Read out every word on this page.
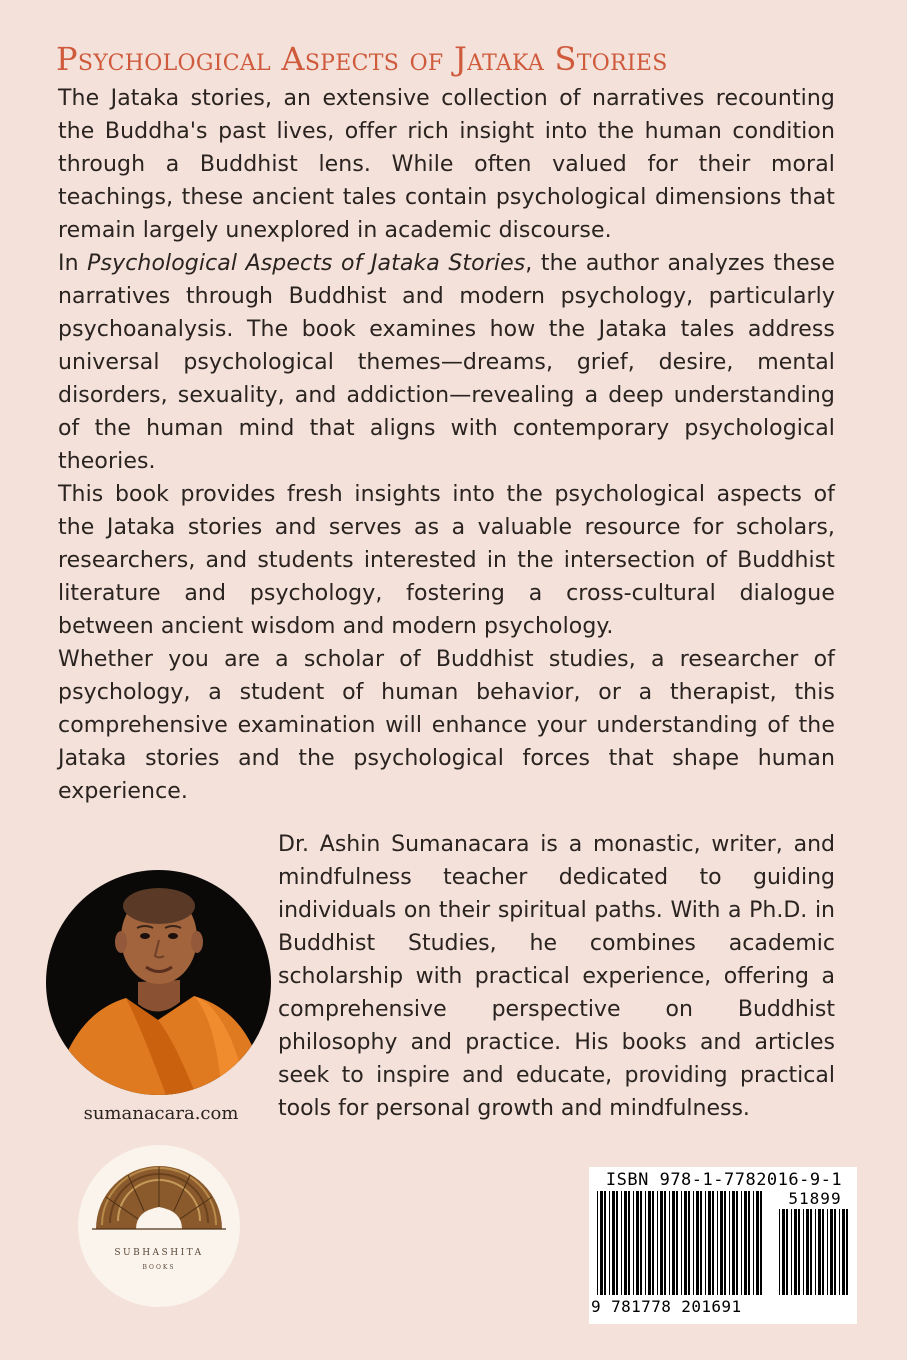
Psychological Aspects of Jataka Stories

The Jataka stories, an extensive collection of narratives recounting the Buddha's past lives, offer rich insight into the human condition through a Buddhist lens. While often valued for their moral teachings, these ancient tales contain psychological dimensions that remain largely unexplored in academic discourse.

In Psychological Aspects of Jataka Stories, the author analyzes these narratives through Buddhist and modern psychology, particularly psychoanalysis. The book examines how the Jataka tales address universal psychological themes—dreams, grief, desire, mental disorders, sexuality, and addiction—revealing a deep understanding of the human mind that aligns with contemporary psychological theories.

This book provides fresh insights into the psychological aspects of the Jataka stories and serves as a valuable resource for scholars, researchers, and students interested in the intersection of Buddhist literature and psychology, fostering a cross-cultural dialogue between ancient wisdom and modern psychology.

Whether you are a scholar of Buddhist studies, a researcher of psychology, a student of human behavior, or a therapist, this comprehensive examination will enhance your understanding of the Jataka stories and the psychological forces that shape human experience.

sumanacara.com

Dr. Ashin Sumanacara is a monastic, writer, and mindfulness teacher dedicated to guiding individuals on their spiritual paths. With a Ph.D. in Buddhist Studies, he combines academic scholarship with practical experience, offering a comprehensive perspective on Buddhist philosophy and practice. His books and articles seek to inspire and educate, providing practical tools for personal growth and mindfulness.

SUBHASHITA
BOOKS
ISBN 978-1-7782016-9-1
51899
9 781778 201691
